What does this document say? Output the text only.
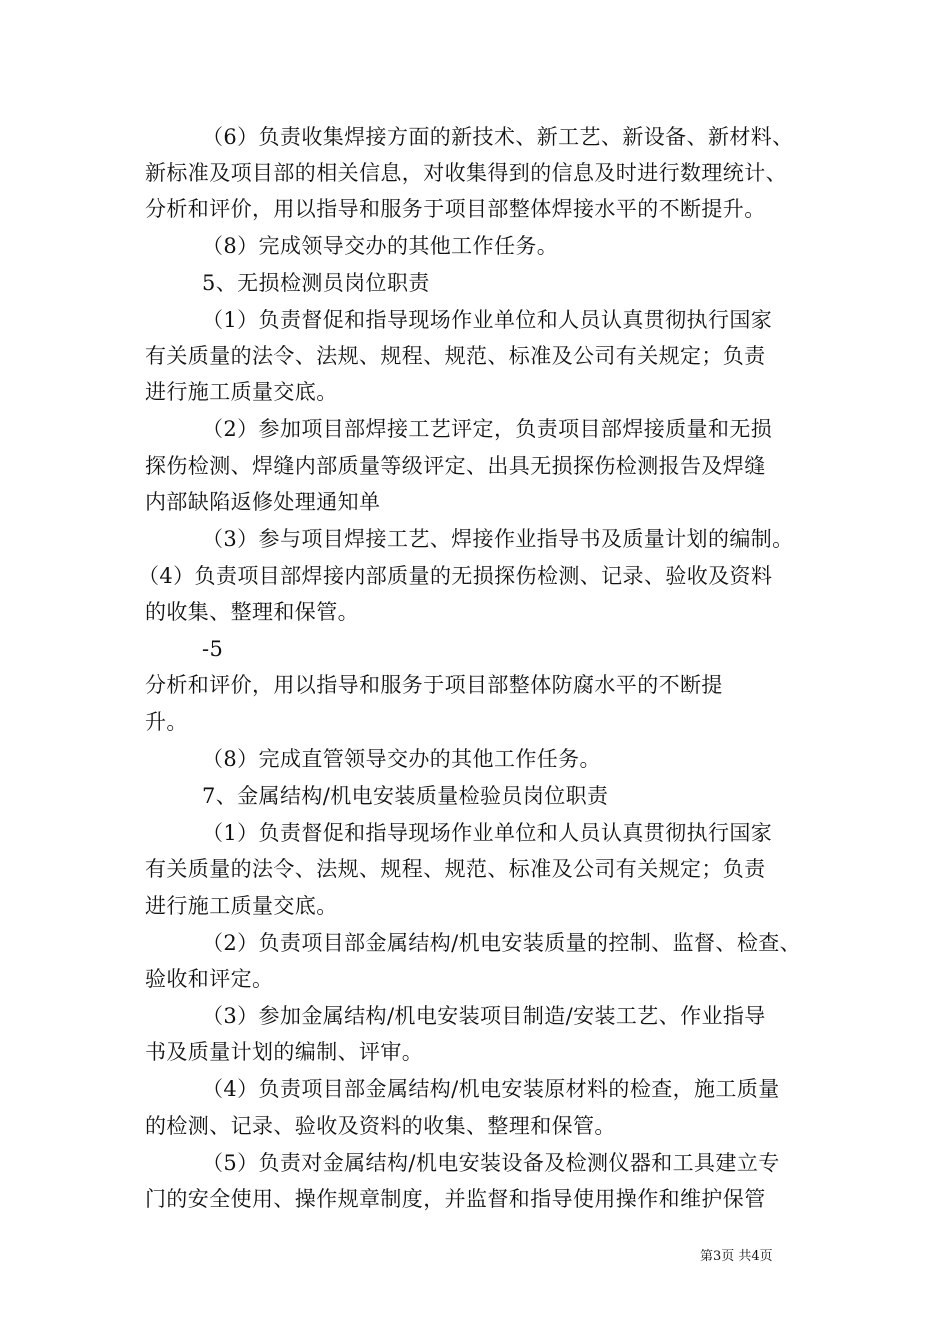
（6）负责收集焊接方面的新技术、新工艺、新设备、新材料、
新标准及项目部的相关信息，对收集得到的信息及时进行数理统计、
分析和评价，用以指导和服务于项目部整体焊接水平的不断提升。
（8）完成领导交办的其他工作任务。
5、无损检测员岗位职责
（1）负责督促和指导现场作业单位和人员认真贯彻执行国家
有关质量的法令、法规、规程、规范、标准及公司有关规定；负责
进行施工质量交底。
（2）参加项目部焊接工艺评定，负责项目部焊接质量和无损
探伤检测、焊缝内部质量等级评定、出具无损探伤检测报告及焊缝
内部缺陷返修处理通知单
（3）参与项目焊接工艺、焊接作业指导书及质量计划的编制。
（4）负责项目部焊接内部质量的无损探伤检测、记录、验收及资料
的收集、整理和保管。
-5
分析和评价，用以指导和服务于项目部整体防腐水平的不断提
升。
（8）完成直管领导交办的其他工作任务。
7、金属结构/机电安装质量检验员岗位职责
（1）负责督促和指导现场作业单位和人员认真贯彻执行国家
有关质量的法令、法规、规程、规范、标准及公司有关规定；负责
进行施工质量交底。
（2）负责项目部金属结构/机电安装质量的控制、监督、检查、
验收和评定。
（3）参加金属结构/机电安装项目制造/安装工艺、作业指导
书及质量计划的编制、评审。
（4）负责项目部金属结构/机电安装原材料的检查，施工质量
的检测、记录、验收及资料的收集、整理和保管。
（5）负责对金属结构/机电安装设备及检测仪器和工具建立专
门的安全使用、操作规章制度，并监督和指导使用操作和维护保管
第3页 共4页
